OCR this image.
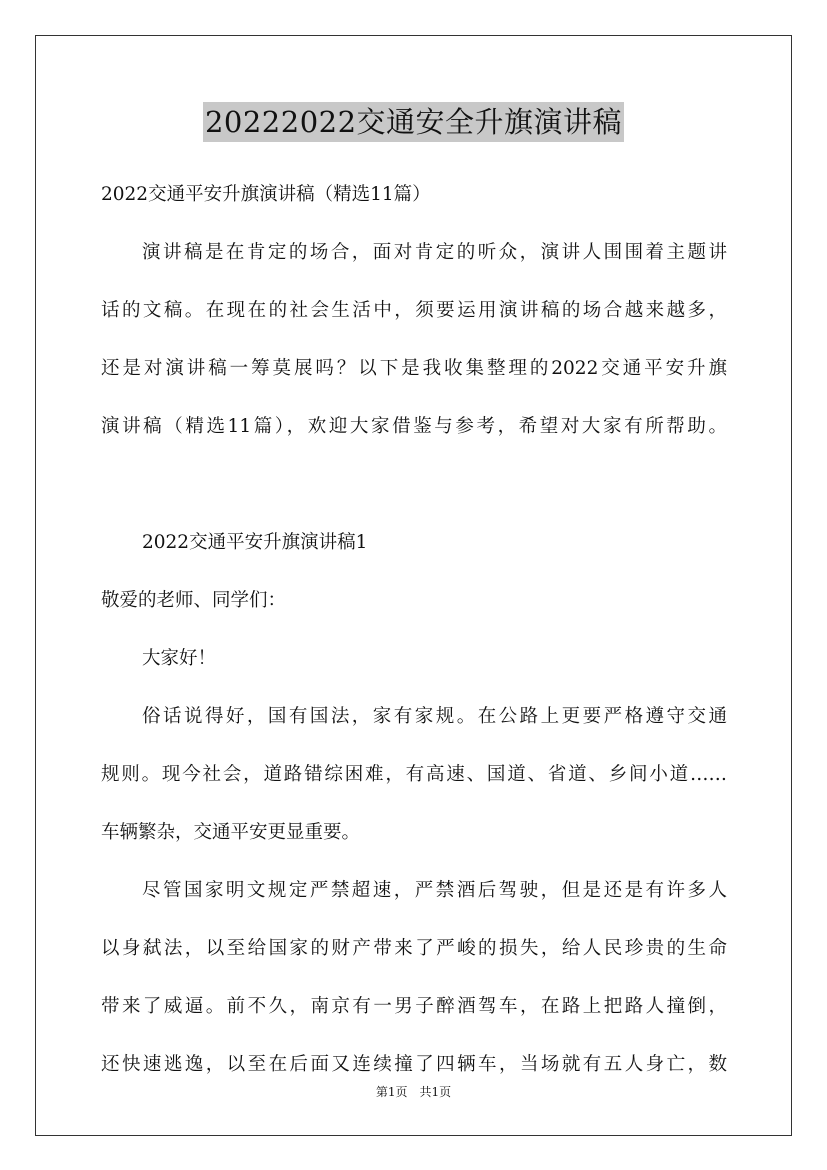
20222022交通安全升旗演讲稿
2022交通平安升旗演讲稿（精选11篇）
演讲稿是在肯定的场合，面对肯定的听众，演讲人围围着主题讲
话的文稿。在现在的社会生活中，须要运用演讲稿的场合越来越多，
还是对演讲稿一筹莫展吗？以下是我收集整理的2022交通平安升旗
演讲稿（精选11篇），欢迎大家借鉴与参考，希望对大家有所帮助。
2022交通平安升旗演讲稿1
敬爱的老师、同学们：
大家好！
俗话说得好，国有国法，家有家规。在公路上更要严格遵守交通
规则。现今社会，道路错综困难，有高速、国道、省道、乡间小道……
车辆繁杂，交通平安更显重要。
尽管国家明文规定严禁超速，严禁酒后驾驶，但是还是有许多人
以身弑法，以至给国家的财产带来了严峻的损失，给人民珍贵的生命
带来了威逼。前不久，南京有一男子醉酒驾车，在路上把路人撞倒，
还快速逃逸，以至在后面又连续撞了四辆车，当场就有五人身亡，数
第1页　共1页
